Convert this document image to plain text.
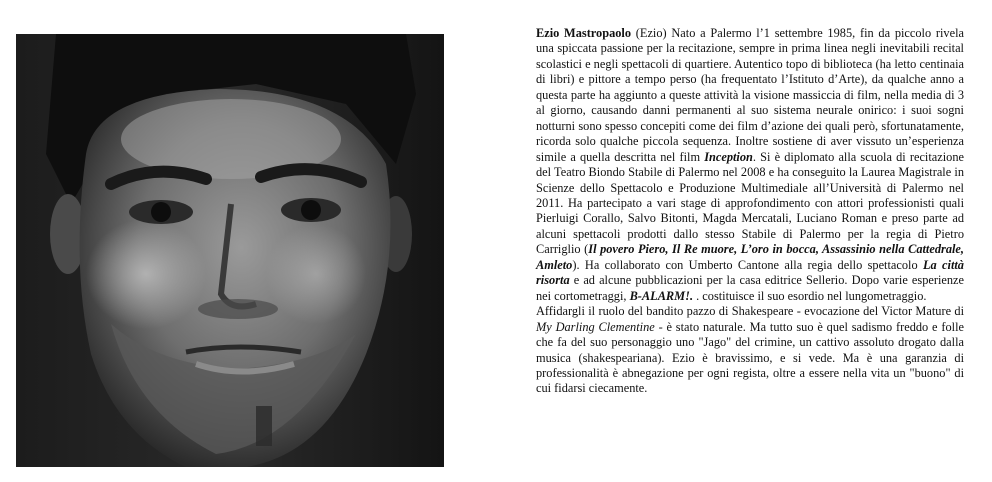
Ezio Mastropaolo (Ezio) Nato a Palermo l’1 settembre 1985, fin da piccolo rivela una spiccata passione per la recitazione, sempre in prima linea negli inevitabili recital scolastici e negli spettacoli di quartiere. Autentico topo di biblioteca (ha letto centinaia di libri) e pittore a tempo perso (ha frequentato l’Istituto d’Arte), da qualche anno a questa parte ha aggiunto a queste attività la visione massiccia di film, nella media di 3 al giorno, causando danni permanenti al suo sistema neurale onirico: i suoi sogni notturni sono spesso concepiti come dei film d’azione dei quali però, sfortunatamente, ricorda solo qualche piccola sequenza. Inoltre sostiene di aver vissuto un’esperienza simile a quella descritta nel film Inception. Si è diplomato alla scuola di recitazione del Teatro Biondo Stabile di Palermo nel 2008 e ha conseguito la Laurea Magistrale in Scienze dello Spettacolo e Produzione Multimediale all’Università di Palermo nel 2011. Ha partecipato a vari stage di approfondimento con attori professionisti quali Pierluigi Corallo, Salvo Bitonti, Magda Mercatali, Luciano Roman e preso parte ad alcuni spettacoli prodotti dallo stesso Stabile di Palermo per la regia di Pietro Carriglio (Il povero Piero, Il Re muore, L’oro in bocca, Assassinio nella Cattedrale, Amleto). Ha collaborato con Umberto Cantone alla regia dello spettacolo La città risorta e ad alcune pubblicazioni per la casa editrice Sellerio. Dopo varie esperienze nei cortometraggi, B-ALARM!. . costituisce il suo esordio nel lungometraggio.

Affidargli il ruolo del bandito pazzo di Shakespeare - evocazione del Victor Mature di My Darling Clementine - è stato naturale. Ma tutto suo è quel sadismo freddo e folle che fa del suo personaggio uno "Jago" del crimine, un cattivo assoluto drogato dalla musica (shakespeariana). Ezio è bravissimo, e si vede. Ma è una garanzia di professionalità è abnegazione per ogni regista, oltre a essere nella vita un "buono" di cui fidarsi ciecamente.
